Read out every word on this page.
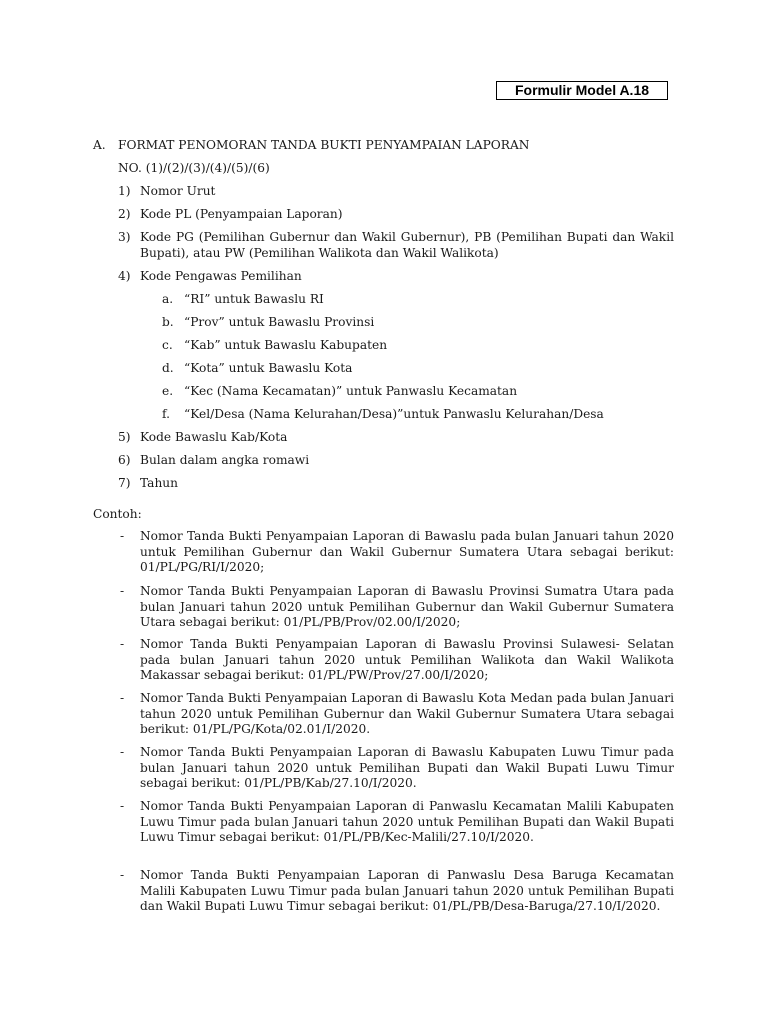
Formulir Model A.18
A. FORMAT PENOMORAN TANDA BUKTI PENYAMPAIAN LAPORAN
NO. (1)/(2)/(3)/(4)/(5)/(6)
1) Nomor Urut
2) Kode PL (Penyampaian Laporan)
3) Kode PG (Pemilihan Gubernur dan Wakil Gubernur), PB (Pemilihan Bupati dan Wakil Bupati), atau PW (Pemilihan Walikota dan Wakil Walikota)
4) Kode Pengawas Pemilihan
a. “RI” untuk Bawaslu RI
b. “Prov” untuk Bawaslu Provinsi
c. “Kab” untuk Bawaslu Kabupaten
d. “Kota” untuk Bawaslu Kota
e. “Kec (Nama Kecamatan)” untuk Panwaslu Kecamatan
f. “Kel/Desa (Nama Kelurahan/Desa)”untuk Panwaslu Kelurahan/Desa
5) Kode Bawaslu Kab/Kota
6) Bulan dalam angka romawi
7) Tahun
Contoh:
- Nomor Tanda Bukti Penyampaian Laporan di Bawaslu pada bulan Januari tahun 2020 untuk Pemilihan Gubernur dan Wakil Gubernur Sumatera Utara sebagai berikut: 01/PL/PG/RI/I/2020;
- Nomor Tanda Bukti Penyampaian Laporan di Bawaslu Provinsi Sumatra Utara pada bulan Januari tahun 2020 untuk Pemilihan Gubernur dan Wakil Gubernur Sumatera Utara sebagai berikut: 01/PL/PB/Prov/02.00/I/2020;
- Nomor Tanda Bukti Penyampaian Laporan di Bawaslu Provinsi Sulawesi- Selatan pada bulan Januari tahun 2020 untuk Pemilihan Walikota dan Wakil Walikota Makassar sebagai berikut: 01/PL/PW/Prov/27.00/I/2020;
- Nomor Tanda Bukti Penyampaian Laporan di Bawaslu Kota Medan pada bulan Januari tahun 2020 untuk Pemilihan Gubernur dan Wakil Gubernur Sumatera Utara sebagai berikut: 01/PL/PG/Kota/02.01/I/2020.
- Nomor Tanda Bukti Penyampaian Laporan di Bawaslu Kabupaten Luwu Timur pada bulan Januari tahun 2020 untuk Pemilihan Bupati dan Wakil Bupati Luwu Timur sebagai berikut: 01/PL/PB/Kab/27.10/I/2020.
- Nomor Tanda Bukti Penyampaian Laporan di Panwaslu Kecamatan Malili Kabupaten Luwu Timur pada bulan Januari tahun 2020 untuk Pemilihan Bupati dan Wakil Bupati Luwu Timur sebagai berikut: 01/PL/PB/Kec-Malili/27.10/I/2020.
- Nomor Tanda Bukti Penyampaian Laporan di Panwaslu Desa Baruga Kecamatan Malili Kabupaten Luwu Timur pada bulan Januari tahun 2020 untuk Pemilihan Bupati dan Wakil Bupati Luwu Timur sebagai berikut: 01/PL/PB/Desa-Baruga/27.10/I/2020.
